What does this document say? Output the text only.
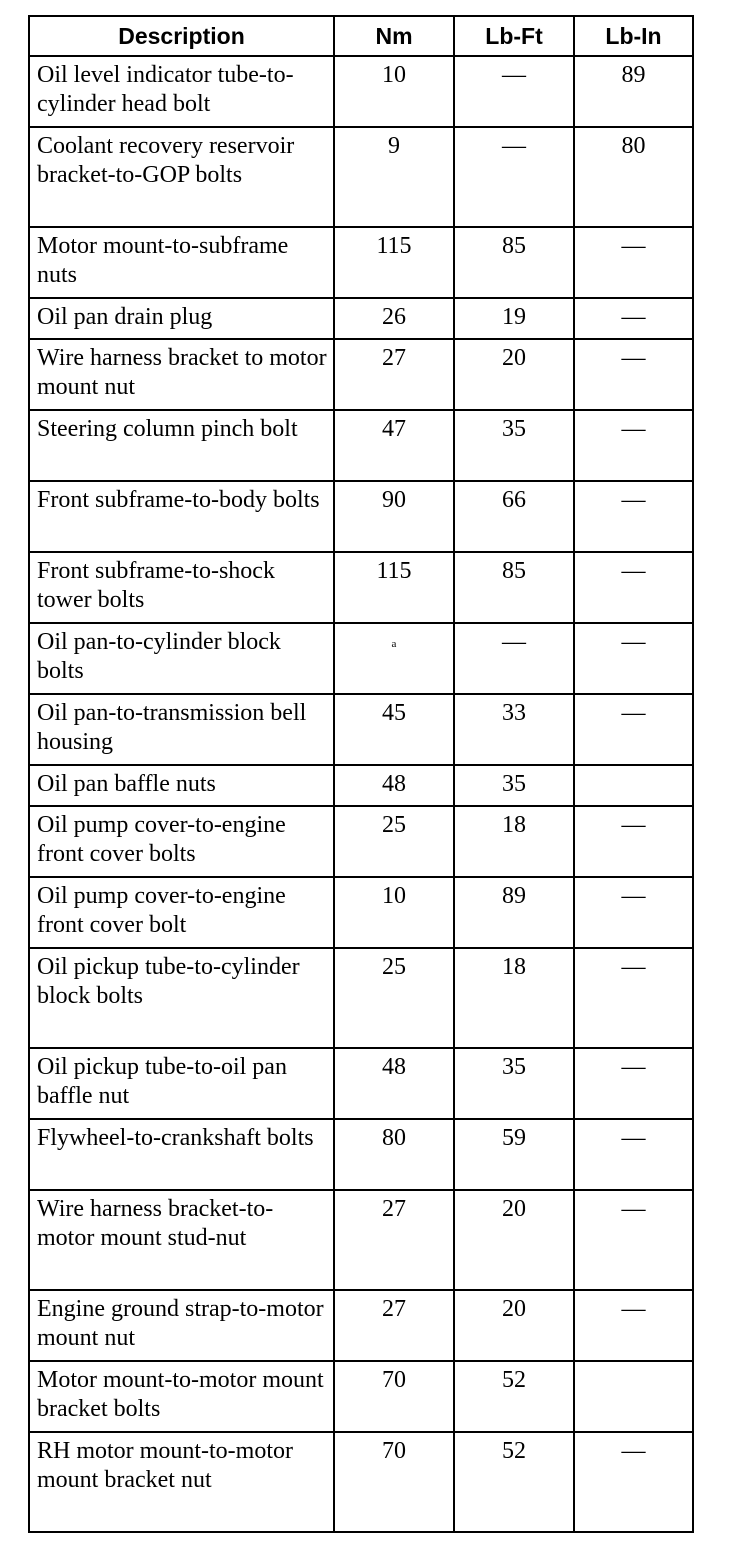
Description	Nm	Lb-Ft	Lb-In
Oil level indicator tube-to-cylinder head bolt	10	—	89
Coolant recovery reservoir bracket-to-GOP bolts	9	—	80
Motor mount-to-subframe nuts	115	85	—
Oil pan drain plug	26	19	—
Wire harness bracket to motor mount nut	27	20	—
Steering column pinch bolt	47	35	—
Front subframe-to-body bolts	90	66	—
Front subframe-to-shock tower bolts	115	85	—
Oil pan-to-cylinder block bolts	$^a$	—	—
Oil pan-to-transmission bell housing	45	33	—
Oil pan baffle nuts	48	35	
Oil pump cover-to-engine front cover bolts	25	18	—
Oil pump cover-to-engine front cover bolt	10	89	—
Oil pickup tube-to-cylinder block bolts	25	18	—
Oil pickup tube-to-oil pan baffle nut	48	35	—
Flywheel-to-crankshaft bolts	80	59	—
Wire harness bracket-to-motor mount stud-nut	27	20	—
Engine ground strap-to-motor mount nut	27	20	—
Motor mount-to-motor mount bracket bolts	70	52	
RH motor mount-to-motor mount bracket nut	70	52	—
